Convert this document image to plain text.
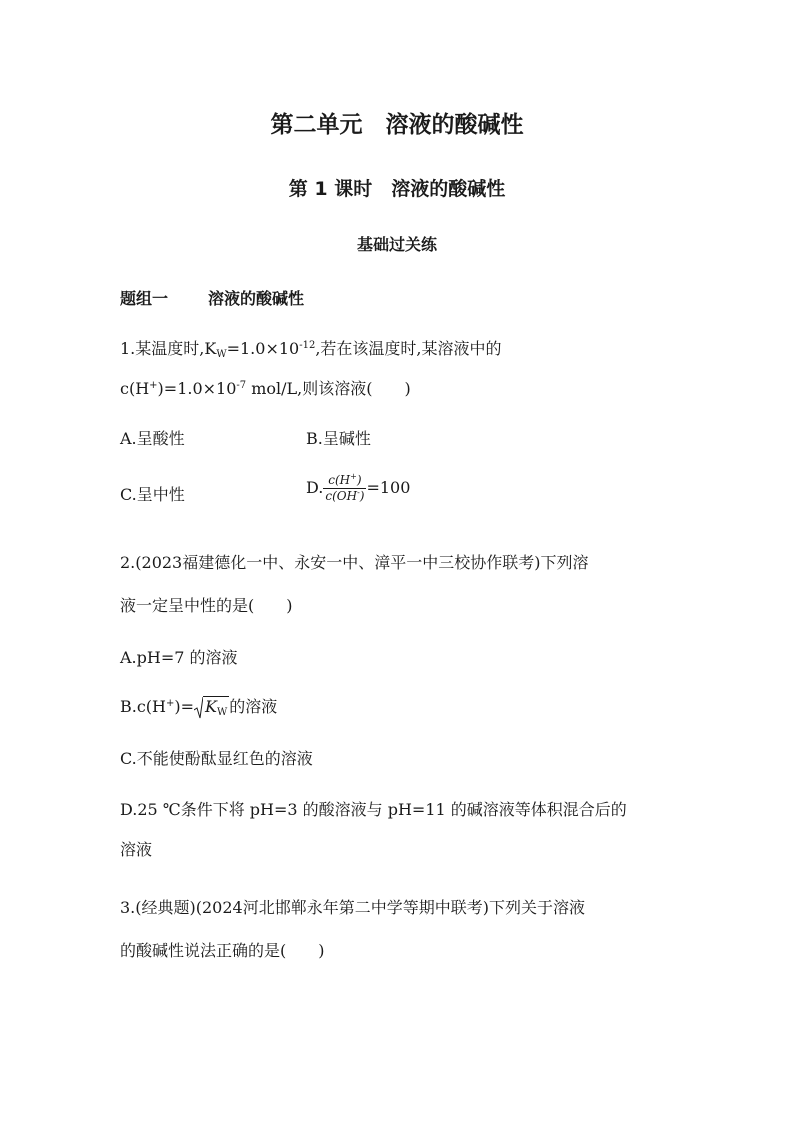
第二单元　溶液的酸碱性
第 1 课时　溶液的酸碱性
基础过关练
题组一	溶液的酸碱性
1.某温度时$,K_W=1.0\times 10^{-12}$,若在该温度时,某溶液中的
$c(H^+)=1.0\times 10^{-7}$ mol/L,则该溶液(　　)
A.呈酸性	B.呈碱性
C.呈中性	D. $\frac{c(H^+)}{c(OH^-)} =100$
2.(2023福建德化一中、永安一中、漳平一中三校协作联考)下列溶
液一定呈中性的是(　　)
A.pH=7 的溶液
$B.c(H^+)= K_W$ 的溶液
C.不能使酚酞显红色的溶液
D.25 ℃条件下将 pH=3 的酸溶液与 pH=11 的碱溶液等体积混合后的
溶液
3.(经典题)(2024河北邯郸永年第二中学等期中联考)下列关于溶液
的酸碱性说法正确的是(　　)
